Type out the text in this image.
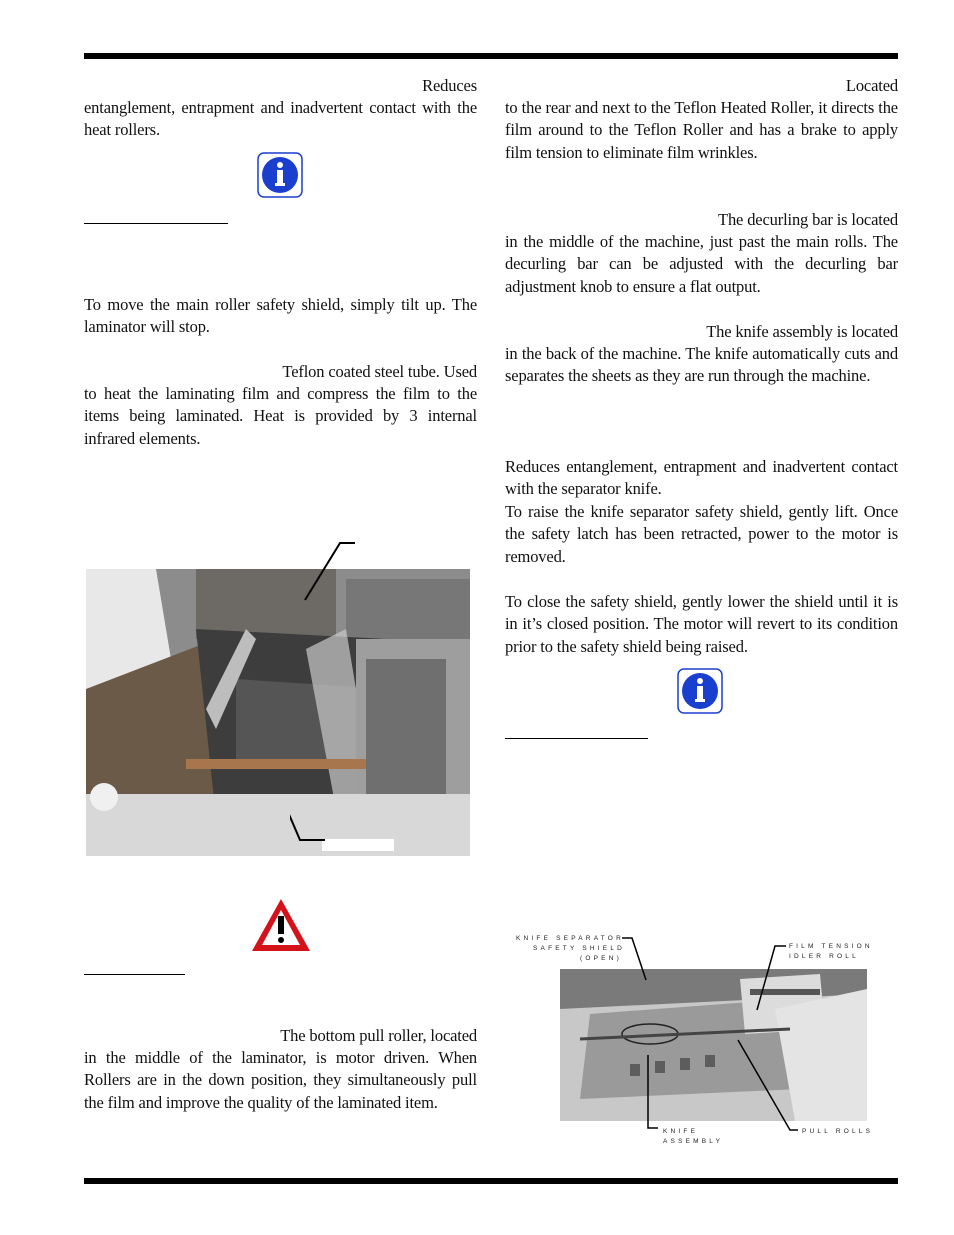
Reduces
entanglement, entrapment and inadvertent contact with the heat rollers.
To move the main roller safety shield, simply tilt up. The laminator will stop.
Teflon coated steel tube. Used
to heat the laminating film and compress the film to the items being laminated. Heat is provided by 3 internal infrared elements.
The bottom pull roller, located
in the middle of the laminator, is motor driven. When Rollers are in the down position, they simultaneously pull the film and improve the quality of the laminated item.
Located
to the rear and next to the Teflon Heated Roller, it directs the film around to the Teflon Roller and has a brake to apply film tension to eliminate film wrinkles.
The decurling bar is located
in the middle of the machine, just past the main rolls. The decurling bar can be adjusted with the decurling bar adjustment knob to ensure a flat output.
The knife assembly is located
in the back of the machine. The knife automatically cuts and separates the sheets as they are run through the machine.
Reduces entanglement, entrapment and inadvertent contact with the separator knife.
To raise the knife separator safety shield, gently lift. Once the safety latch has been retracted, power to the motor is removed.
To close the safety shield, gently lower the shield until it is in it’s closed position. The motor will revert to its condition prior to the safety shield being raised.
KNIFE SEPARATOR
SAFETY SHIELD
(OPEN)
FILM TENSION
IDLER ROLL
KNIFE
ASSEMBLY
PULL ROLLS
